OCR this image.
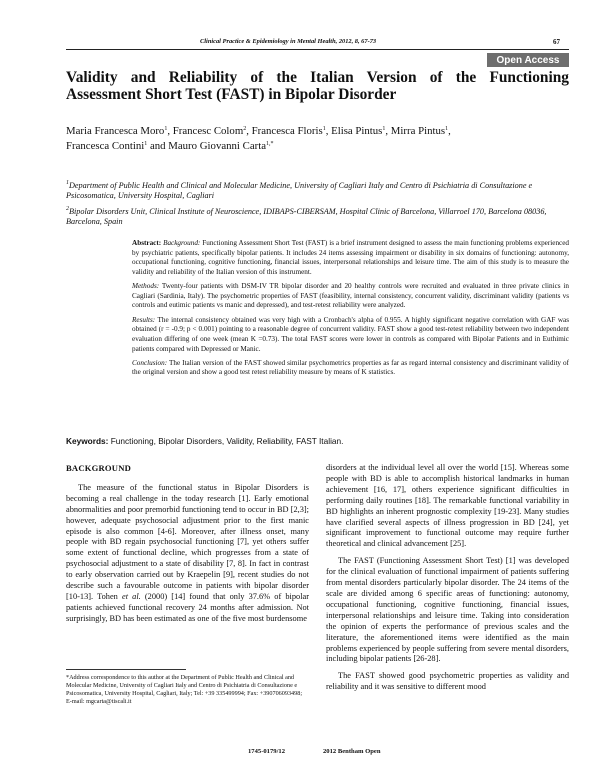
Clinical Practice & Epidemiology in Mental Health, 2012, 8, 67-73	67
Open Access
Validity and Reliability of the Italian Version of the Functioning
Assessment Short Test (FAST) in Bipolar Disorder
Maria Francesca Moro$^1$, Francesc Colom$^2$, Francesca Floris$^1$, Elisa Pintus$^1$, Mirra Pintus$^1$,
Francesca Contini$^1$ and Mauro Giovanni Carta$^{1,*}$
$^1$Department of Public Health and Clinical and Molecular Medicine, University of Cagliari Italy and Centro di Psichiatria di Consultazione e Psicosomatica, University Hospital, Cagliari
$^2$Bipolar Disorders Unit, Clinical Institute of Neuroscience, IDIBAPS-CIBERSAM, Hospital Clinic of Barcelona, Villarroel 170, Barcelona 08036, Barcelona, Spain

Abstract: Background: Functioning Assessment Short Test (FAST) is a brief instrument designed to assess the main functioning problems experienced by psychiatric patients, specifically bipolar patients. It includes 24 items assessing impairment or disability in six domains of functioning: autonomy, occupational functioning, cognitive functioning, financial issues, interpersonal relationships and leisure time. The aim of this study is to measure the validity and reliability of the Italian version of this instrument.

Methods: Twenty-four patients with DSM-IV TR bipolar disorder and 20 healthy controls were recruited and evaluated in three private clinics in Cagliari (Sardinia, Italy). The psychometric properties of FAST (feasibility, internal consistency, concurrent validity, discriminant validity (patients vs controls and eutimic patients vs manic and depressed), and test-retest reliability were analyzed.

Results: The internal consistency obtained was very high with a Cronbach's alpha of 0.955. A highly significant negative correlation with GAF was obtained (r = -0.9; p < 0.001) pointing to a reasonable degree of concurrent validity. FAST show a good test-retest reliability between two independent evaluation differing of one week (mean K =0.73). The total FAST scores were lower in controls as compared with Bipolar Patients and in Euthimic patients compared with Depressed or Manic.

Conclusion: The Italian version of the FAST showed similar psychometrics properties as far as regard internal consistency and discriminant validity of the original version and show a good test retest reliability measure by means of K statistics.

Keywords: Functioning, Bipolar Disorders, Validity, Reliability, FAST Italian.
BACKGROUND

The measure of the functional status in Bipolar Disorders is becoming a real challenge in the today research [1]. Early emotional abnormalities and poor premorbid functioning tend to occur in BD [2,3]; however, adequate psychosocial adjustment prior to the first manic episode is also common [4-6]. Moreover, after illness onset, many people with BD regain psychosocial functioning [7], yet others suffer some extent of functional decline, which progresses from a state of psychosocial adjustment to a state of disability [7, 8]. In fact in contrast to early observation carried out by Kraepelin [9], recent studies do not describe such a favourable outcome in patients with bipolar disorder [10-13]. Tohen et al. (2000) [14] found that only 37.6% of bipolar patients achieved functional recovery 24 months after admission. Not surprisingly, BD has been estimated as one of the five most burdensome

disorders at the individual level all over the world [15]. Whereas some people with BD is able to accomplish historical landmarks in human achievement [16, 17], others experience significant difficulties in performing daily routines [18]. The remarkable functional variability in BD highlights an inherent prognostic complexity [19-23]. Many studies have clarified several aspects of illness progression in BD [24], yet significant improvement to functional outcome may require further theoretical and clinical advancement [25].

The FAST (Functioning Assessment Short Test) [1] was developed for the clinical evaluation of functional impairment of patients suffering from mental disorders particularly bipolar disorder. The 24 items of the scale are divided among 6 specific areas of functioning: autonomy, occupational functioning, cognitive functioning, financial issues, interpersonal relationships and leisure time. Taking into consideration the opinion of experts the performance of previous scales and the literature, the aforementioned items were identified as the main problems experienced by people suffering from severe mental disorders, including bipolar patients [26-28].

The FAST showed good psychometric properties as validity and reliability and it was sensitive to different mood

*Address correspondence to this author at the Department of Public Health and Clinical and Molecular Medicine, University of Cagliari Italy and Centro di Psichiatria di Consultazione e Psicosomatica, University Hospital, Cagliari, Italy; Tel: +39 335499994; Fax: +390706093498;
E-mail: mgcarta@tiscali.it
1745-0179/12	2012 Bentham Open
